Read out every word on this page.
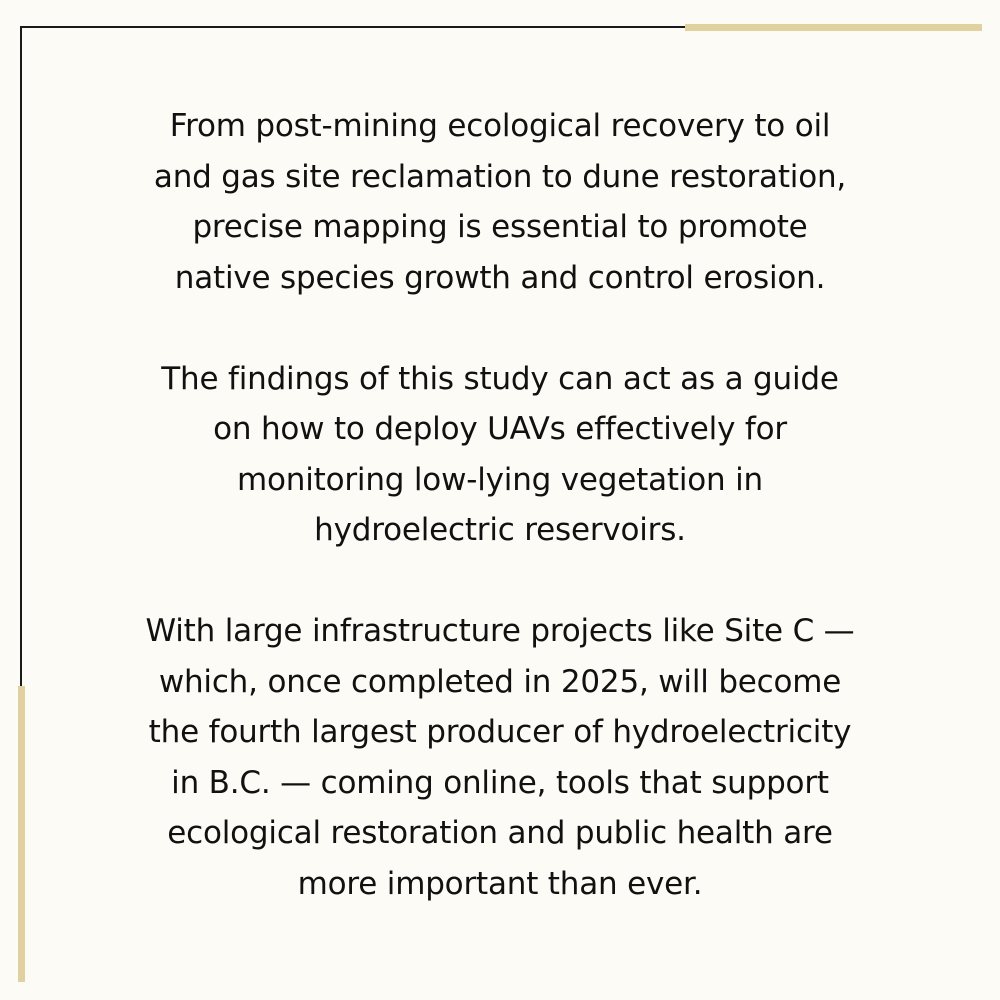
From post-mining ecological recovery to oil
and gas site reclamation to dune restoration,
precise mapping is essential to promote
native species growth and control erosion.

The findings of this study can act as a guide
on how to deploy UAVs effectively for
monitoring low-lying vegetation in
hydroelectric reservoirs.

With large infrastructure projects like Site C —
which, once completed in 2025, will become
the fourth largest producer of hydroelectricity
in B.C. — coming online, tools that support
ecological restoration and public health are
more important than ever.
